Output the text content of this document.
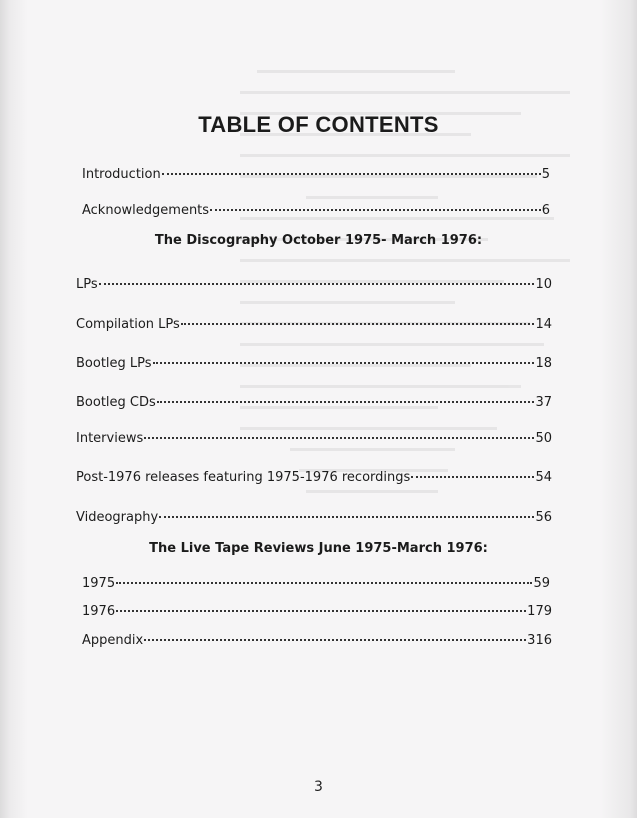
TABLE OF CONTENTS
Introduction	5
Acknowledgements	6
The Discography October 1975- March 1976:
LPs	10
Compilation LPs	14
Bootleg LPs	18
Bootleg CDs	37
Interviews	50
Post-1976 releases featuring 1975-1976 recordings	54
Videography	56
The Live Tape Reviews June 1975-March 1976:
1975	59
1976	179
Appendix	316
3
